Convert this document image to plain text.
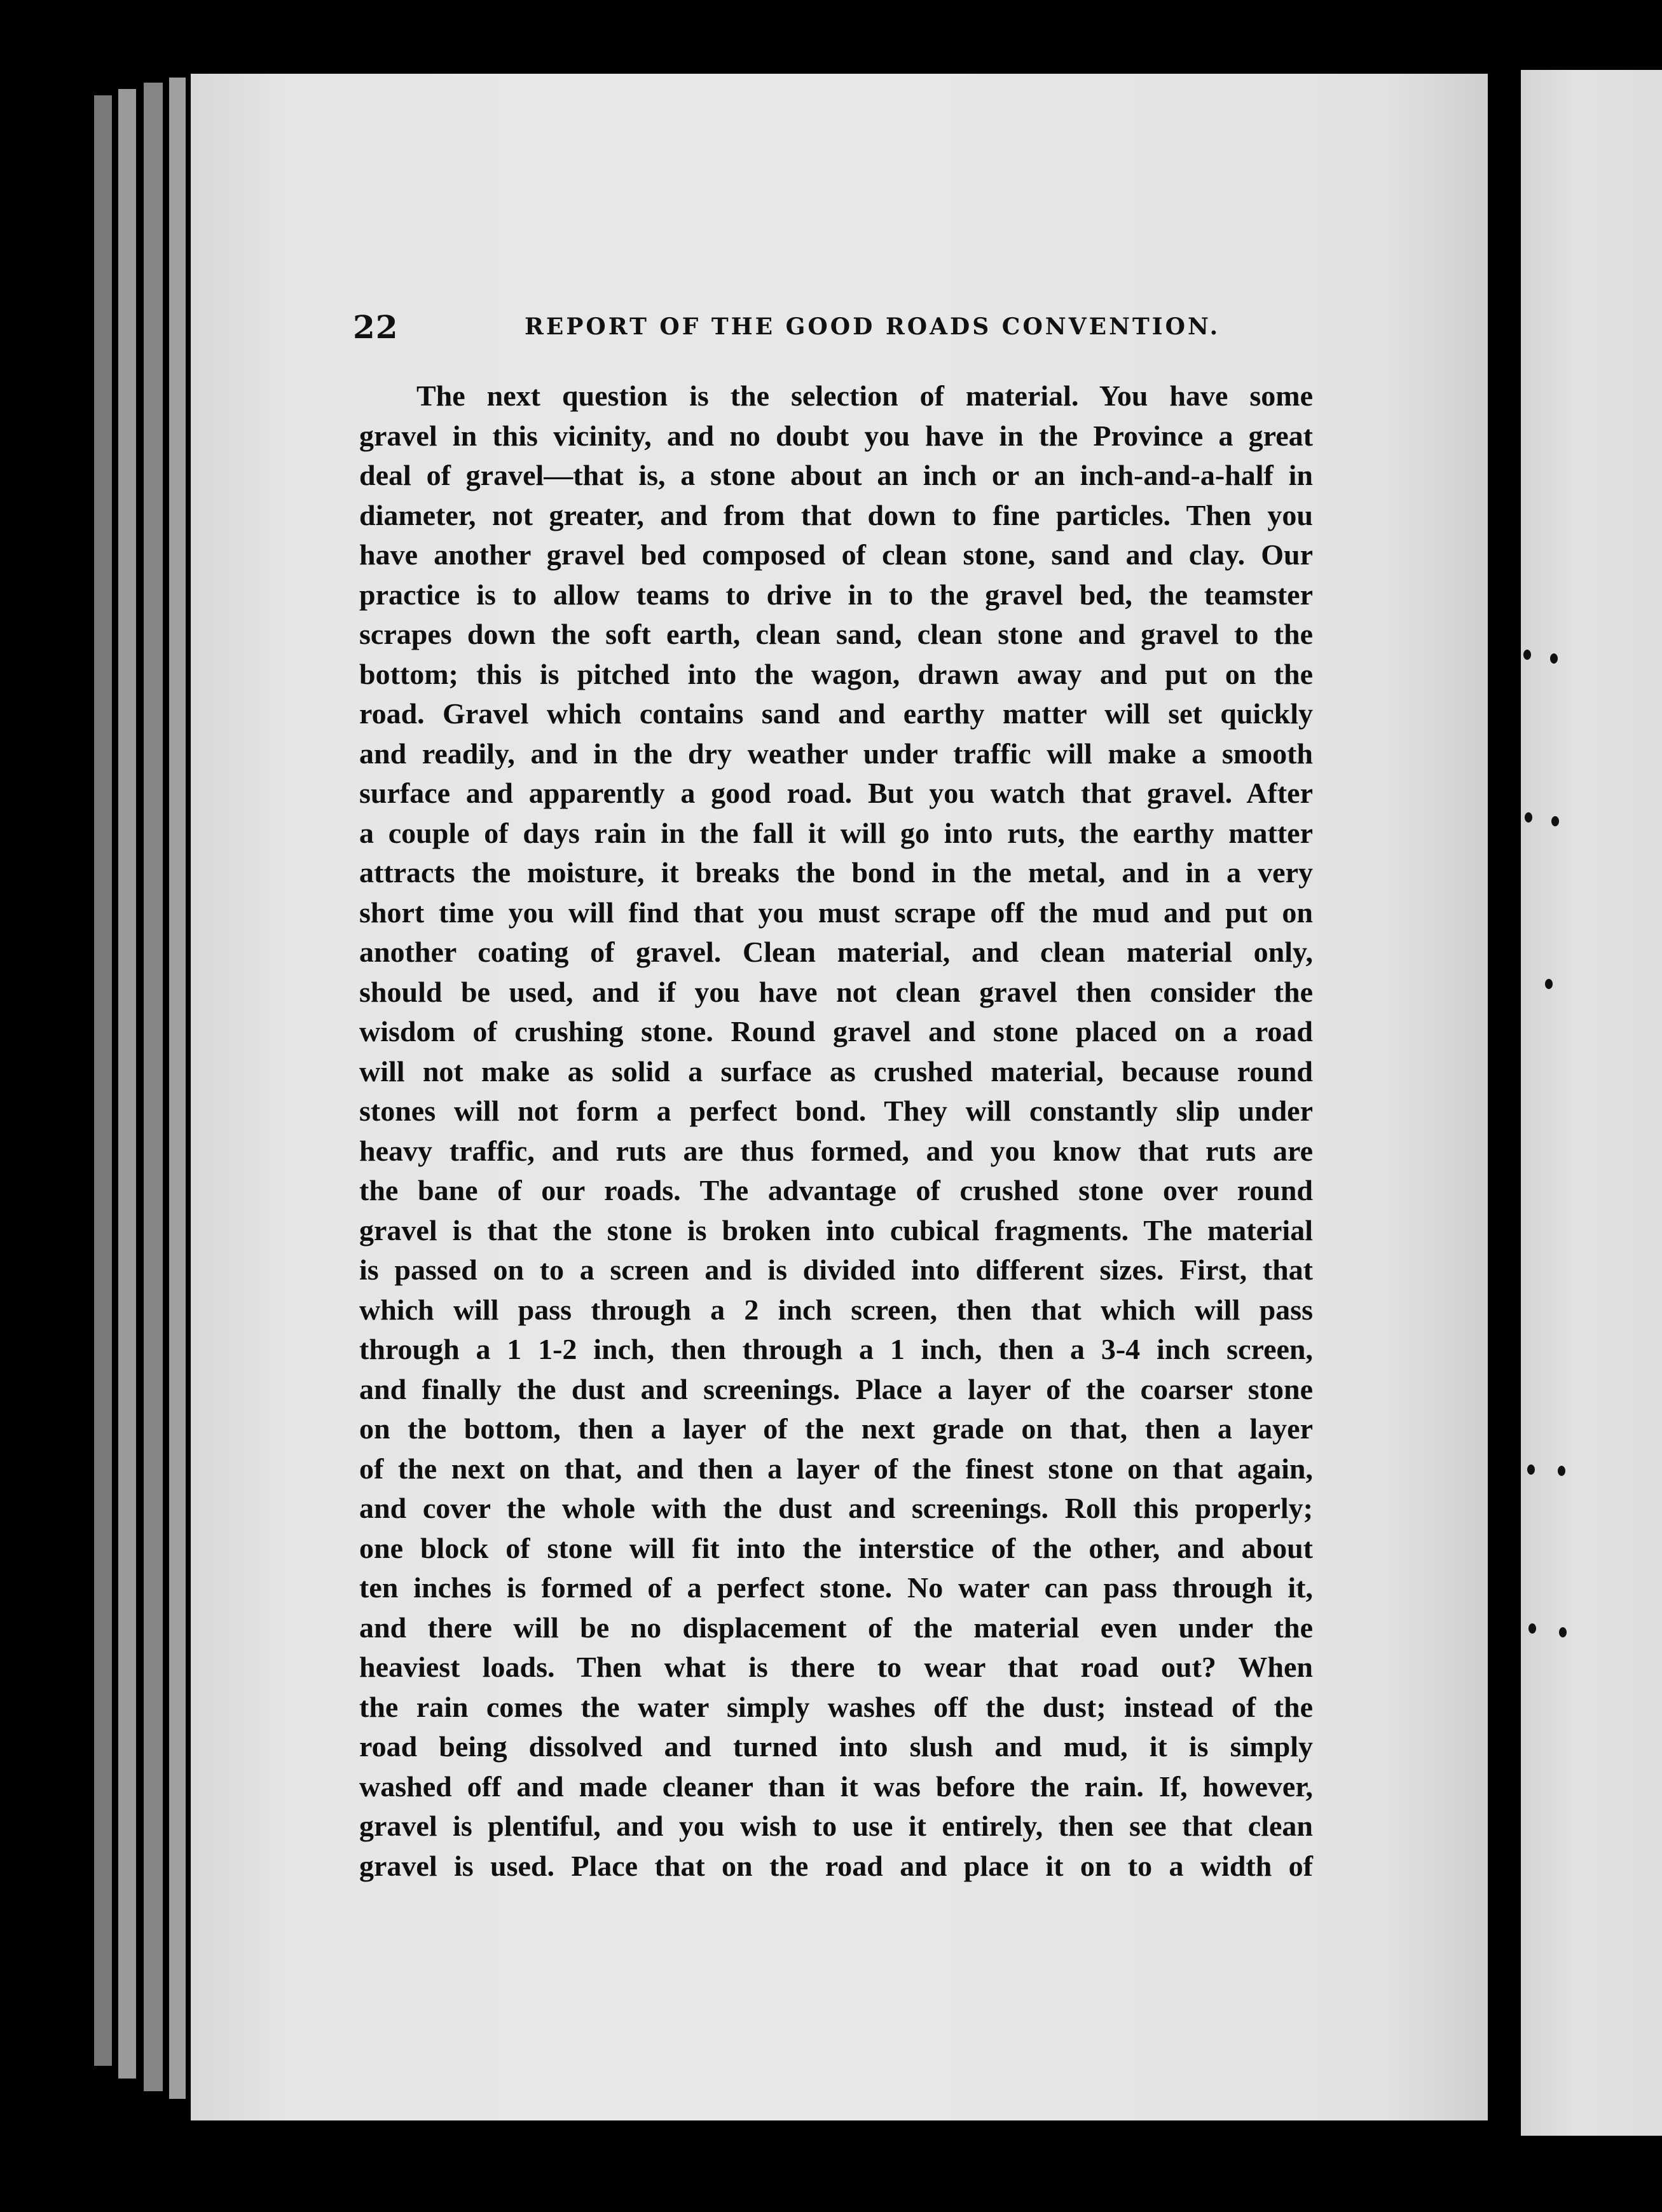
22	REPORT OF THE GOOD ROADS CONVENTION.
The next question is the selection of material. You have some
gravel in this vicinity, and no doubt you have in the Province a great
deal of gravel—that is, a stone about an inch or an inch-and-a-half in
diameter, not greater, and from that down to fine particles. Then you
have another gravel bed composed of clean stone, sand and clay. Our
practice is to allow teams to drive in to the gravel bed, the teamster
scrapes down the soft earth, clean sand, clean stone and gravel to the
bottom; this is pitched into the wagon, drawn away and put on the
road. Gravel which contains sand and earthy matter will set quickly
and readily, and in the dry weather under traffic will make a smooth
surface and apparently a good road. But you watch that gravel. After
a couple of days rain in the fall it will go into ruts, the earthy matter
attracts the moisture, it breaks the bond in the metal, and in a very
short time you will find that you must scrape off the mud and put on
another coating of gravel. Clean material, and clean material only,
should be used, and if you have not clean gravel then consider the
wisdom of crushing stone. Round gravel and stone placed on a road
will not make as solid a surface as crushed material, because round
stones will not form a perfect bond. They will constantly slip under
heavy traffic, and ruts are thus formed, and you know that ruts are
the bane of our roads. The advantage of crushed stone over round
gravel is that the stone is broken into cubical fragments. The material
is passed on to a screen and is divided into different sizes. First, that
which will pass through a 2 inch screen, then that which will pass
through a 1 1-2 inch, then through a 1 inch, then a 3-4 inch screen,
and finally the dust and screenings. Place a layer of the coarser stone
on the bottom, then a layer of the next grade on that, then a layer
of the next on that, and then a layer of the finest stone on that again,
and cover the whole with the dust and screenings. Roll this properly;
one block of stone will fit into the interstice of the other, and about
ten inches is formed of a perfect stone. No water can pass through it,
and there will be no displacement of the material even under the
heaviest loads. Then what is there to wear that road out? When
the rain comes the water simply washes off the dust; instead of the
road being dissolved and turned into slush and mud, it is simply
washed off and made cleaner than it was before the rain. If, however,
gravel is plentiful, and you wish to use it entirely, then see that clean
gravel is used. Place that on the road and place it on to a width of
